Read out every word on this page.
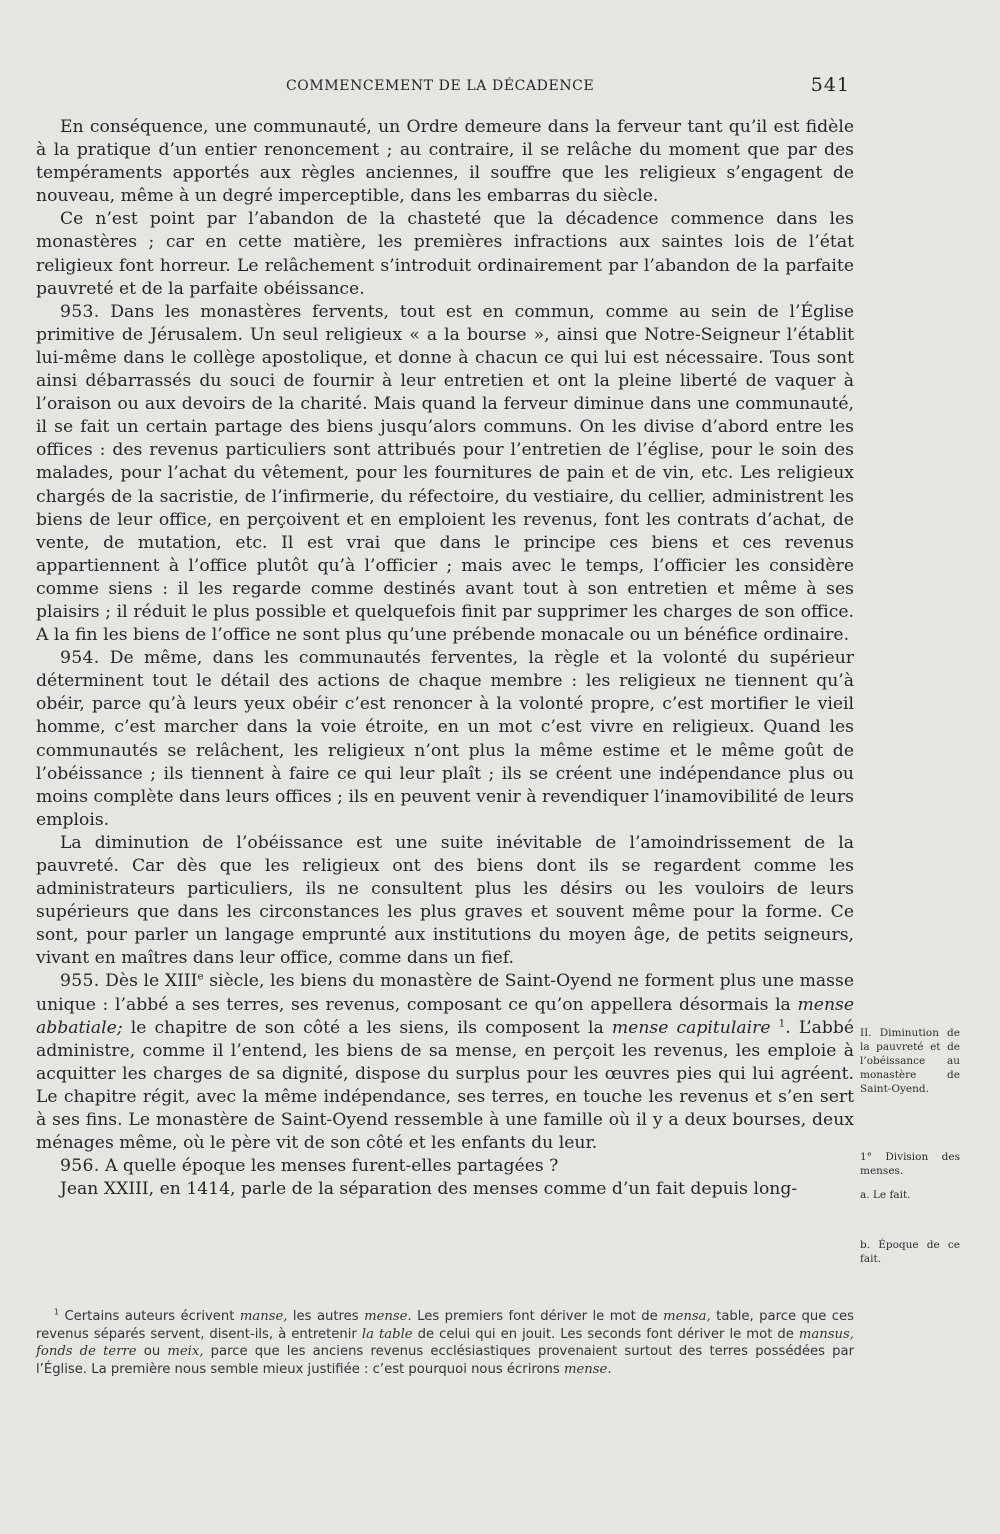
COMMENCEMENT DE LA DÉCADENCE	541

En conséquence, une communauté, un Ordre demeure dans la ferveur tant qu’il est fidèle à la pratique d’un entier renoncement ; au contraire, il se relâche du moment que par des tempéraments apportés aux règles anciennes, il souffre que les religieux s’engagent de nouveau, même à un degré imperceptible, dans les embarras du siècle.

Ce n’est point par l’abandon de la chasteté que la décadence commence dans les monastères ; car en cette matière, les premières infractions aux saintes lois de l’état religieux font horreur. Le relâchement s’introduit ordinairement par l’abandon de la parfaite pauvreté et de la parfaite obéissance.

953. Dans les monastères fervents, tout est en commun, comme au sein de l’Église primitive de Jérusalem. Un seul religieux « a la bourse », ainsi que Notre-Seigneur l’établit lui-même dans le collège apostolique, et donne à chacun ce qui lui est nécessaire. Tous sont ainsi débarrassés du souci de fournir à leur entretien et ont la pleine liberté de vaquer à l’oraison ou aux devoirs de la charité. Mais quand la ferveur diminue dans une communauté, il se fait un certain partage des biens jusqu’alors communs. On les divise d’abord entre les offices : des revenus particuliers sont attribués pour l’entretien de l’église, pour le soin des malades, pour l’achat du vêtement, pour les fournitures de pain et de vin, etc. Les religieux chargés de la sacristie, de l’infirmerie, du réfectoire, du vestiaire, du cellier, administrent les biens de leur office, en perçoivent et en emploient les revenus, font les contrats d’achat, de vente, de mutation, etc. Il est vrai que dans le principe ces biens et ces revenus appartiennent à l’office plutôt qu’à l’officier ; mais avec le temps, l’officier les considère comme siens : il les regarde comme destinés avant tout à son entretien et même à ses plaisirs ; il réduit le plus possible et quelquefois finit par supprimer les charges de son office. A la fin les biens de l’office ne sont plus qu’une prébende monacale ou un bénéfice ordinaire.

954. De même, dans les communautés ferventes, la règle et la volonté du supérieur déterminent tout le détail des actions de chaque membre : les religieux ne tiennent qu’à obéir, parce qu’à leurs yeux obéir c’est renoncer à la volonté propre, c’est mortifier le vieil homme, c’est marcher dans la voie étroite, en un mot c’est vivre en religieux. Quand les communautés se relâchent, les religieux n’ont plus la même estime et le même goût de l’obéissance ; ils tiennent à faire ce qui leur plaît ; ils se créent une indépendance plus ou moins complète dans leurs offices ; ils en peuvent venir à revendiquer l’inamovibilité de leurs emplois.

La diminution de l’obéissance est une suite inévitable de l’amoindrissement de la pauvreté. Car dès que les religieux ont des biens dont ils se regardent comme les administrateurs particuliers, ils ne consultent plus les désirs ou les vouloirs de leurs supérieurs que dans les circonstances les plus graves et souvent même pour la forme. Ce sont, pour parler un langage emprunté aux institutions du moyen âge, de petits seigneurs, vivant en maîtres dans leur office, comme dans un fief.

955. Dès le XIIIe siècle, les biens du monastère de Saint-Oyend ne forment plus une masse unique : l’abbé a ses terres, ses revenus, composant ce qu’on appellera désormais la mense abbatiale; le chapitre de son côté a les siens, ils composent la mense capitulaire $^1$. L’abbé administre, comme il l’entend, les biens de sa mense, en perçoit les revenus, les emploie à acquitter les charges de sa dignité, dispose du surplus pour les œuvres pies qui lui agréent. Le chapitre régit, avec la même indépendance, ses terres, en touche les revenus et s’en sert à ses fins. Le monastère de Saint-Oyend ressemble à une famille où il y a deux bourses, deux ménages même, où le père vit de son côté et les enfants du leur.

956. A quelle époque les menses furent-elles partagées ?

Jean XXIII, en 1414, parle de la séparation des menses comme d’un fait depuis long-

II. Diminution de la pauvreté et de l’obéissance au monastère de Saint-Oyend.
1° Division des menses.
a. Le fait.
b. Époque de ce fait.

$^1$ Certains auteurs écrivent manse, les autres mense. Les premiers font dériver le mot de mensa, table, parce que ces revenus séparés servent, disent-ils, à entretenir la table de celui qui en jouit. Les seconds font dériver le mot de mansus, fonds de terre ou meix, parce que les anciens revenus ecclésiastiques provenaient surtout des terres possédées par l’Église. La première nous semble mieux justifiée : c’est pourquoi nous écrirons mense.
